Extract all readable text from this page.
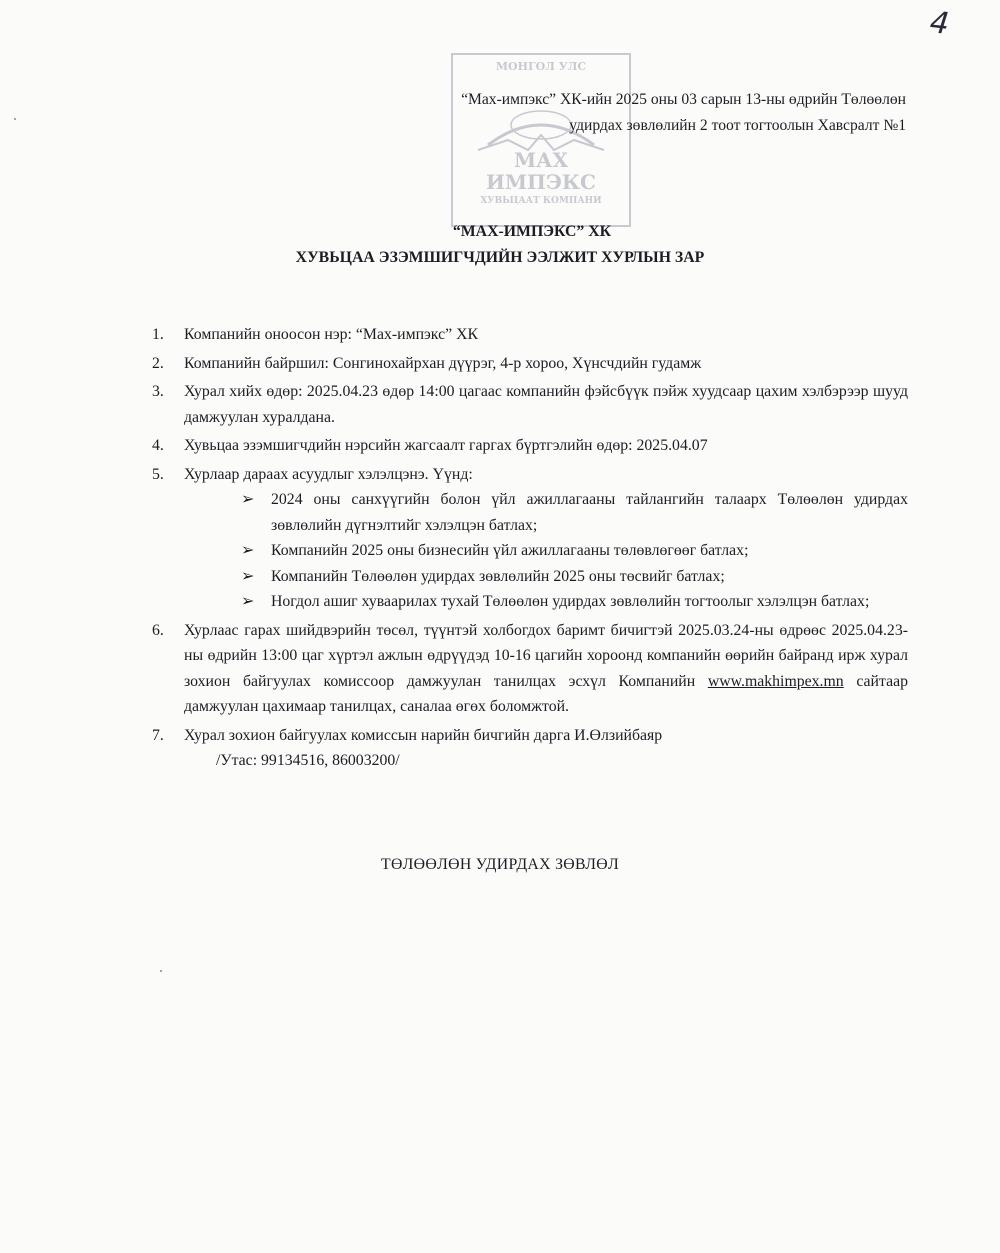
4
МОНГОЛ УЛС
МАХ
ИМПЭКС
ХУВЬЦААТ КОМПАНИ
“Мах-импэкс” ХК-ийн 2025 оны 03 сарын 13-ны өдрийн Төлөөлөн
удирдах зөвлөлийн 2 тоот тогтоолын Хавсралт №1
“МАХ-ИМПЭКС” ХК
ХУВЬЦАА ЭЗЭМШИГЧДИЙН ЭЭЛЖИТ ХУРЛЫН ЗАР
1. Компанийн оноосон нэр: “Мах-импэкс” ХК
2. Компанийн байршил: Сонгинохайрхан дүүрэг, 4-р хороо, Хүнсчдийн гудамж
3. Хурал хийх өдөр: 2025.04.23 өдөр 14:00 цагаас компанийн фэйсбүүк пэйж хуудсаар цахим хэлбэрээр шууд дамжуулан хуралдана.
4. Хувьцаа эзэмшигчдийн нэрсийн жагсаалт гаргах бүртгэлийн өдөр: 2025.04.07
5. Хурлаар дараах асуудлыг хэлэлцэнэ. Үүнд:
➢ 2024 оны санхүүгийн болон үйл ажиллагааны тайлангийн талаарх Төлөөлөн удирдах зөвлөлийн дүгнэлтийг хэлэлцэн батлах;
➢ Компанийн 2025 оны бизнесийн үйл ажиллагааны төлөвлөгөөг батлах;
➢ Компанийн Төлөөлөн удирдах зөвлөлийн 2025 оны төсвийг батлах;
➢ Ногдол ашиг хуваарилах тухай Төлөөлөн удирдах зөвлөлийн тогтоолыг хэлэлцэн батлах;
6. Хурлаас гарах шийдвэрийн төсөл, түүнтэй холбогдох баримт бичигтэй 2025.03.24-ны өдрөөс 2025.04.23-ны өдрийн 13:00 цаг хүртэл ажлын өдрүүдэд 10-16 цагийн хороонд компанийн өөрийн байранд ирж хурал зохион байгуулах комиссоор дамжуулан танилцах эсхүл Компанийн www.makhimpex.mn сайтаар дамжуулан цахимаар танилцах, саналаа өгөх боломжтой.
7. Хурал зохион байгуулах комиссын нарийн бичгийн дарга И.Өлзийбаяр
/Утас: 99134516, 86003200/
ТӨЛӨӨЛӨН УДИРДАХ ЗӨВЛӨЛ
